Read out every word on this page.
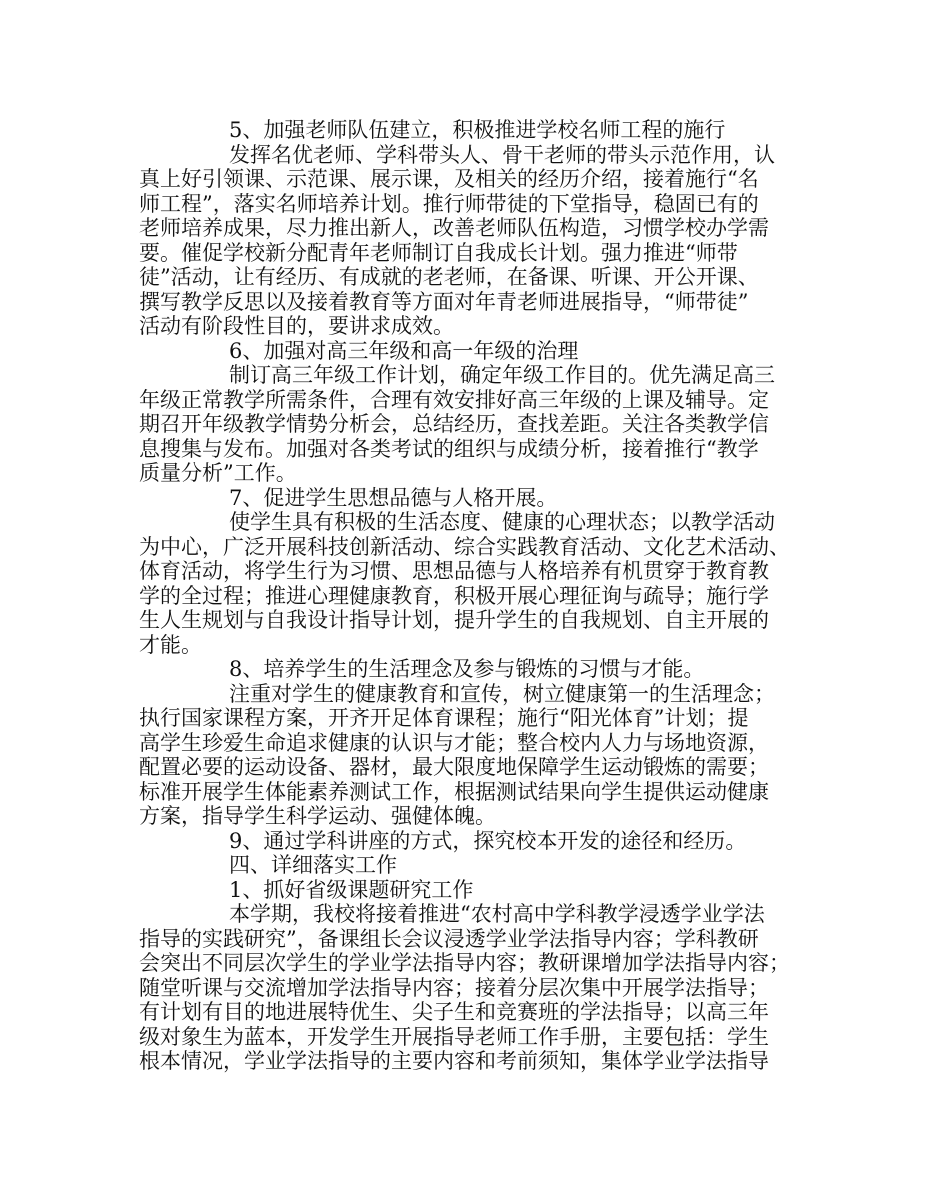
5、加强老师队伍建立，积极推进学校名师工程的施行
发挥名优老师、学科带头人、骨干老师的带头示范作用，认
真上好引领课、示范课、展示课，及相关的经历介绍，接着施行“名
师工程”，落实名师培养计划。推行师带徒的下堂指导，稳固已有的
老师培养成果，尽力推出新人，改善老师队伍构造，习惯学校办学需
要。催促学校新分配青年老师制订自我成长计划。强力推进“师带
徒”活动，让有经历、有成就的老老师，在备课、听课、开公开课、
撰写教学反思以及接着教育等方面对年青老师进展指导，“师带徒”
活动有阶段性目的，要讲求成效。
6、加强对高三年级和高一年级的治理
制订高三年级工作计划，确定年级工作目的。优先满足高三
年级正常教学所需条件，合理有效安排好高三年级的上课及辅导。定
期召开年级教学情势分析会，总结经历，查找差距。关注各类教学信
息搜集与发布。加强对各类考试的组织与成绩分析，接着推行“教学
质量分析”工作。
7、促进学生思想品德与人格开展。
使学生具有积极的生活态度、健康的心理状态；以教学活动
为中心，广泛开展科技创新活动、综合实践教育活动、文化艺术活动、
体育活动，将学生行为习惯、思想品德与人格培养有机贯穿于教育教
学的全过程；推进心理健康教育，积极开展心理征询与疏导；施行学
生人生规划与自我设计指导计划，提升学生的自我规划、自主开展的
才能。
8、培养学生的生活理念及参与锻炼的习惯与才能。
注重对学生的健康教育和宣传，树立健康第一的生活理念；
执行国家课程方案，开齐开足体育课程；施行“阳光体育”计划；提
高学生珍爱生命追求健康的认识与才能；整合校内人力与场地资源，
配置必要的运动设备、器材，最大限度地保障学生运动锻炼的需要；
标准开展学生体能素养测试工作，根据测试结果向学生提供运动健康
方案，指导学生科学运动、强健体魄。
9、通过学科讲座的方式，探究校本开发的途径和经历。
四、详细落实工作
1、抓好省级课题研究工作
本学期，我校将接着推进“农村高中学科教学浸透学业学法
指导的实践研究”，备课组长会议浸透学业学法指导内容；学科教研
会突出不同层次学生的学业学法指导内容；教研课增加学法指导内容；
随堂听课与交流增加学法指导内容；接着分层次集中开展学法指导；
有计划有目的地进展特优生、尖子生和竞赛班的学法指导；以高三年
级对象生为蓝本，开发学生开展指导老师工作手册，主要包括：学生
根本情况，学业学法指导的主要内容和考前须知，集体学业学法指导
